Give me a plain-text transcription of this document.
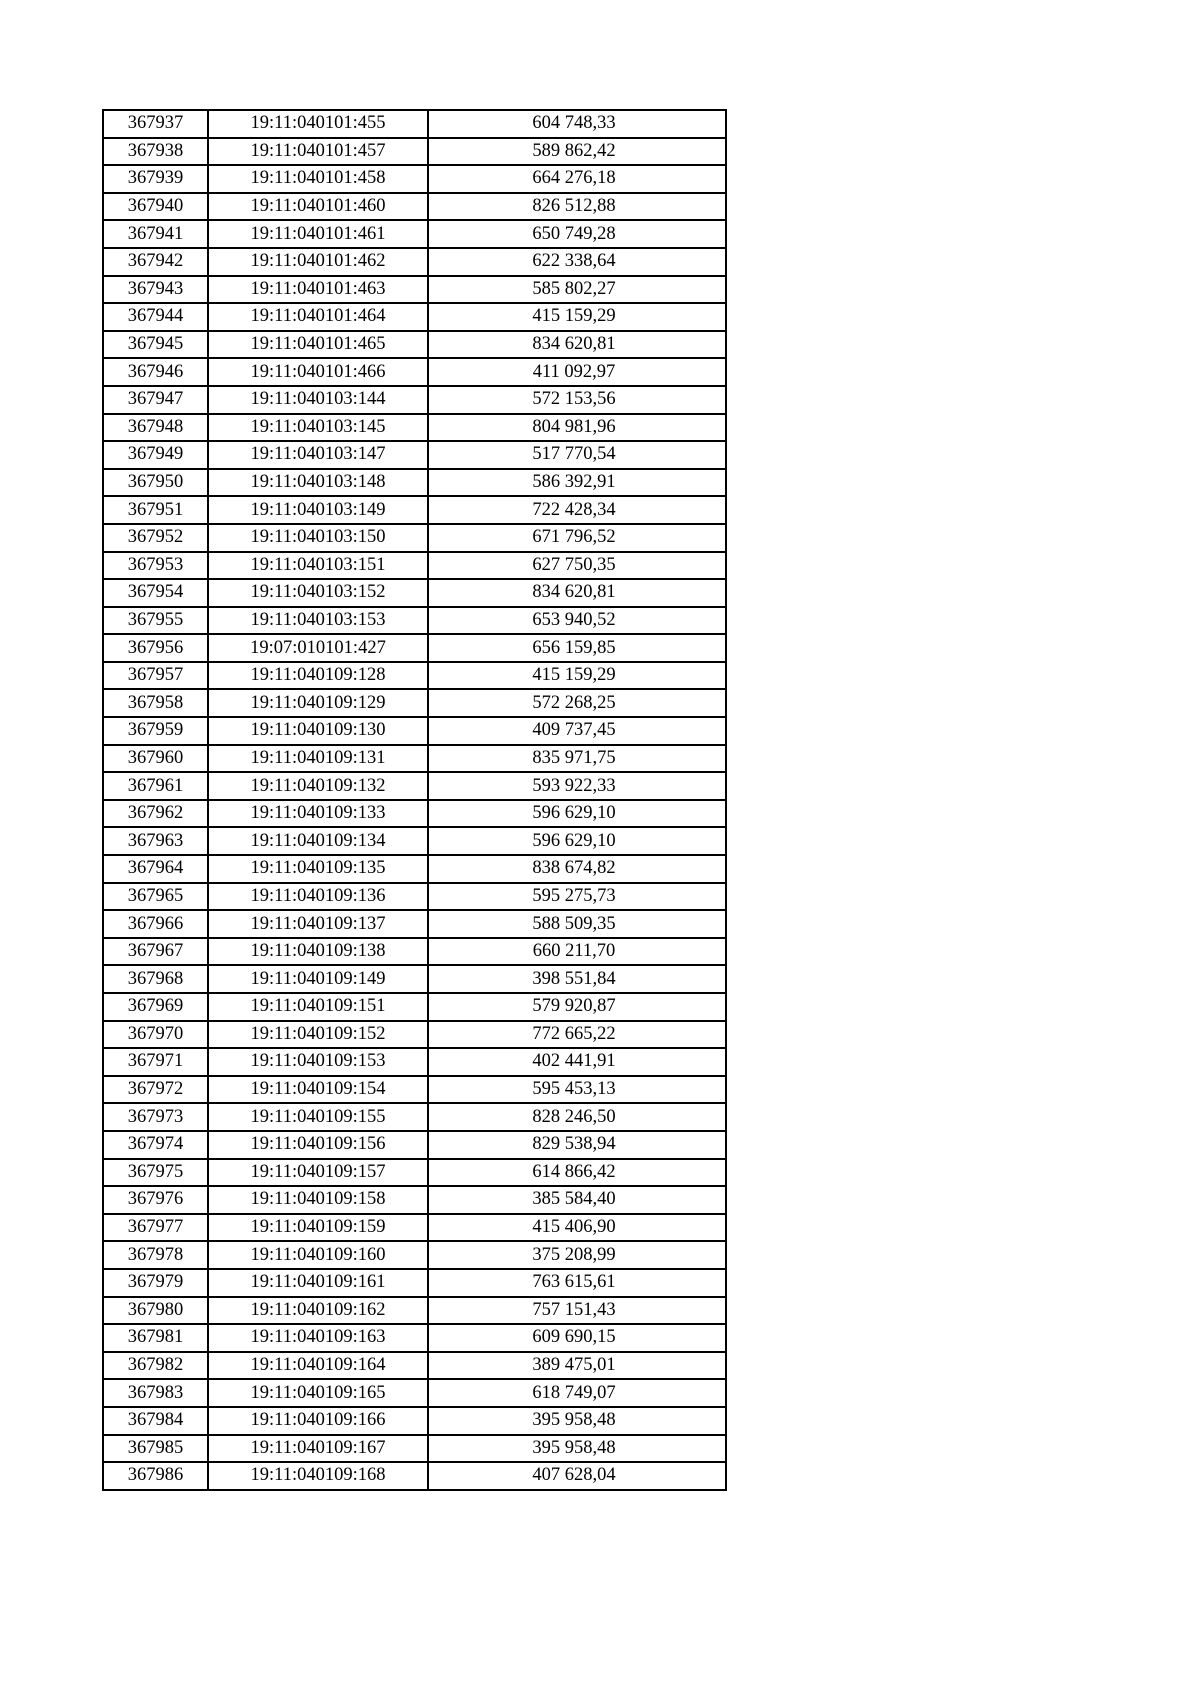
367937	19:11:040101:455	604 748,33
367938	19:11:040101:457	589 862,42
367939	19:11:040101:458	664 276,18
367940	19:11:040101:460	826 512,88
367941	19:11:040101:461	650 749,28
367942	19:11:040101:462	622 338,64
367943	19:11:040101:463	585 802,27
367944	19:11:040101:464	415 159,29
367945	19:11:040101:465	834 620,81
367946	19:11:040101:466	411 092,97
367947	19:11:040103:144	572 153,56
367948	19:11:040103:145	804 981,96
367949	19:11:040103:147	517 770,54
367950	19:11:040103:148	586 392,91
367951	19:11:040103:149	722 428,34
367952	19:11:040103:150	671 796,52
367953	19:11:040103:151	627 750,35
367954	19:11:040103:152	834 620,81
367955	19:11:040103:153	653 940,52
367956	19:07:010101:427	656 159,85
367957	19:11:040109:128	415 159,29
367958	19:11:040109:129	572 268,25
367959	19:11:040109:130	409 737,45
367960	19:11:040109:131	835 971,75
367961	19:11:040109:132	593 922,33
367962	19:11:040109:133	596 629,10
367963	19:11:040109:134	596 629,10
367964	19:11:040109:135	838 674,82
367965	19:11:040109:136	595 275,73
367966	19:11:040109:137	588 509,35
367967	19:11:040109:138	660 211,70
367968	19:11:040109:149	398 551,84
367969	19:11:040109:151	579 920,87
367970	19:11:040109:152	772 665,22
367971	19:11:040109:153	402 441,91
367972	19:11:040109:154	595 453,13
367973	19:11:040109:155	828 246,50
367974	19:11:040109:156	829 538,94
367975	19:11:040109:157	614 866,42
367976	19:11:040109:158	385 584,40
367977	19:11:040109:159	415 406,90
367978	19:11:040109:160	375 208,99
367979	19:11:040109:161	763 615,61
367980	19:11:040109:162	757 151,43
367981	19:11:040109:163	609 690,15
367982	19:11:040109:164	389 475,01
367983	19:11:040109:165	618 749,07
367984	19:11:040109:166	395 958,48
367985	19:11:040109:167	395 958,48
367986	19:11:040109:168	407 628,04
